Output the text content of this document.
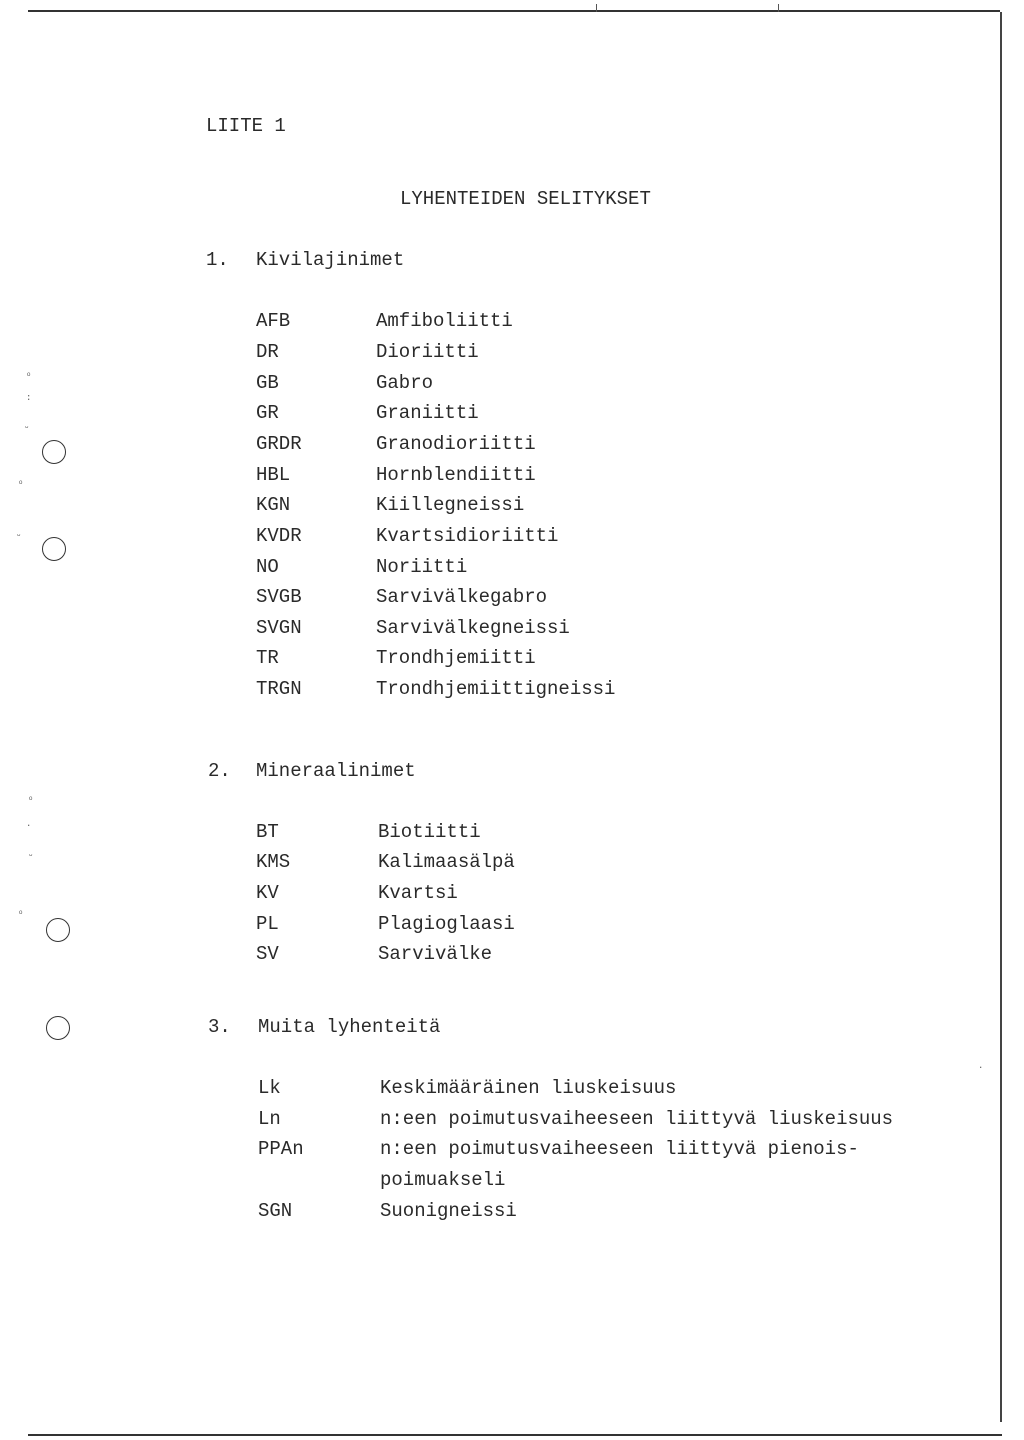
ᵒ
:
ᵕ
ᵒ
ᵕ
ᵒ
·
ᵕ
ᵒ
·
LIITE 1
LYHENTEIDEN SELITYKSET
1. Kivilajinimet
AFB	Amfiboliitti
DR	Dioriitti
GB	Gabro
GR	Graniitti
GRDR	Granodioriitti
HBL	Hornblendiitti
KGN	Kiillegneissi
KVDR	Kvartsidioriitti
NO	Noriitti
SVGB	Sarvivälkegabro
SVGN	Sarvivälkegneissi
TR	Trondhjemiitti
TRGN	Trondhjemiittigneissi
2. Mineraalinimet
BT	Biotiitti
KMS	Kalimaasälpä
KV	Kvartsi
PL	Plagioglaasi
SV	Sarvivälke
3. Muita lyhenteitä
Lk	Keskimääräinen liuskeisuus
Ln	n:een poimutusvaiheeseen liittyvä liuskeisuus
PPAn	n:een poimutusvaiheeseen liittyvä pienois-
poimuakseli
SGN	Suonigneissi
